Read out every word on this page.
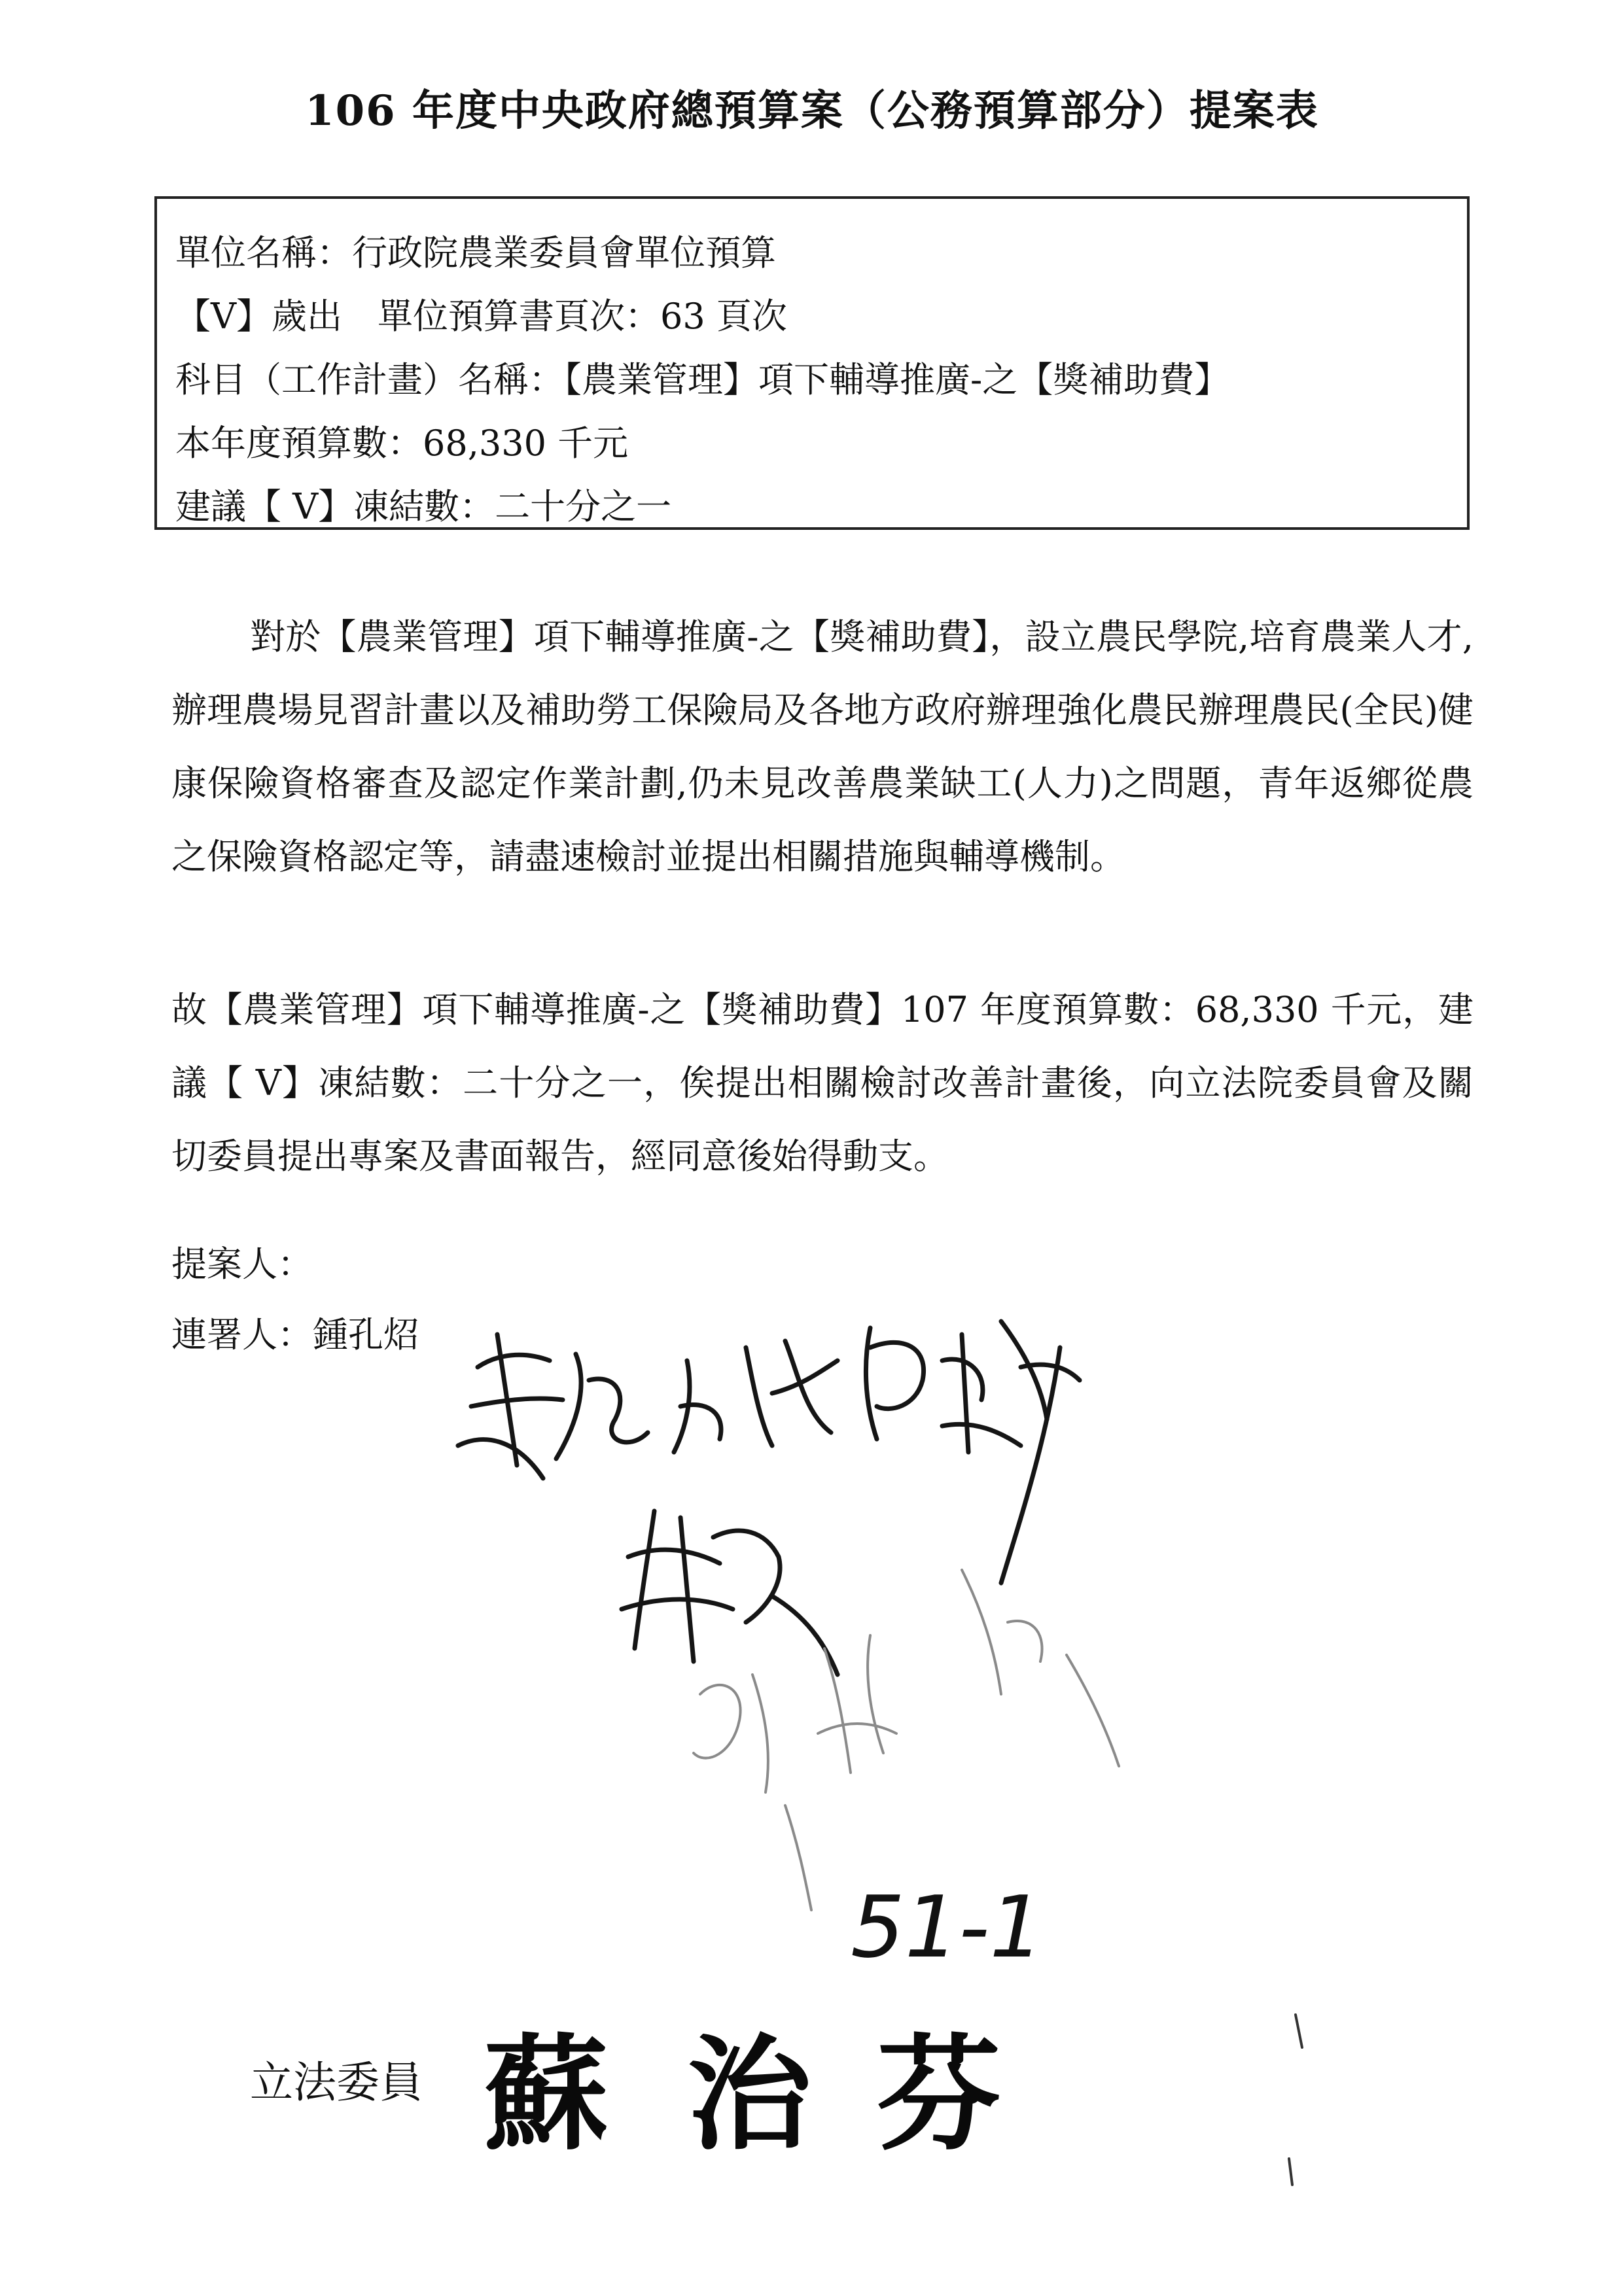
106 年度中央政府總預算案（公務預算部分）提案表
單位名稱：行政院農業委員會單位預算
【V】歲出　單位預算書頁次：63 頁次
科目（工作計畫）名稱：【農業管理】項下輔導推廣-之【獎補助費】
本年度預算數：68,330 千元
建議【 V】凍結數：二十分之一

對於【農業管理】項下輔導推廣-之【獎補助費】，設立農民學院,培育農業人才,辦理農場見習計畫以及補助勞工保險局及各地方政府辦理強化農民辦理農民(全民)健康保險資格審查及認定作業計劃,仍未見改善農業缺工(人力)之問題，青年返鄉從農之保險資格認定等，請盡速檢討並提出相關措施與輔導機制。

故【農業管理】項下輔導推廣-之【獎補助費】107 年度預算數：68,330 千元，建議【 V】凍結數：二十分之一，俟提出相關檢討改善計畫後，向立法院委員會及關切委員提出專案及書面報告，經同意後始得動支。

提案人：
連署人：鍾孔炤
51-1
立法委員 蘇 治 芬
